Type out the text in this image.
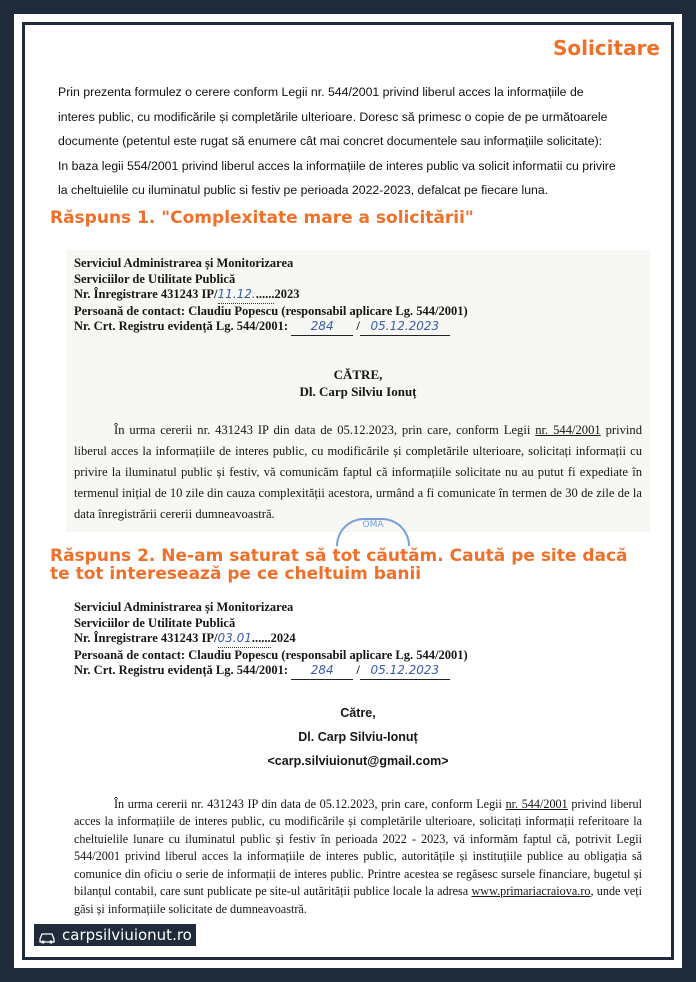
Solicitare

Prin prezenta formulez o cerere conform Legii nr. 544/2001 privind liberul acces la informațiile de

interes public, cu modificările și completările ulterioare. Doresc să primesc o copie de pe următoarele

documente (petentul este rugat să enumere cât mai concret documentele sau informațiile solicitate):

In baza legii 554/2001 privind liberul acces la informațiile de interes public va solicit informatii cu privire

la cheltuielile cu iluminatul public si festiv pe perioada 2022-2023, defalcat pe fiecare luna.

Răspuns 1. "Complexitate mare a solicitării"
Serviciul Administrarea și Monitorizarea
Serviciilor de Utilitate Publică
Nr. Înregistrare 431243 IP/11.12.......2023
Persoană de contact: Claudiu Popescu (responsabil aplicare Lg. 544/2001)
Nr. Crt. Registru evidență Lg. 544/2001: 284 / 05.12.2023
CĂTRE,
Dl. Carp Silviu Ionuț
În urma cererii nr. 431243 IP din data de 05.12.2023, prin care, conform Legii nr. 544/2001 privind liberul acces la informațiile de interes public, cu modificările și completările ulterioare, solicitați informații cu privire la iluminatul public și festiv, vă comunicăm faptul că informațiile solicitate nu au putut fi expediate în termenul inițial de 10 zile din cauza complexității acestora, urmând a fi comunicate în termen de 30 de zile de la data înregistrării cererii dumneavoastră.
OMA
Răspuns 2. Ne-am saturat să tot căutăm. Caută pe site dacă
te tot interesează pe ce cheltuim banii
Serviciul Administrarea și Monitorizarea
Serviciilor de Utilitate Publică
Nr. Înregistrare 431243 IP/03.01......2024
Persoană de contact: Claudiu Popescu (responsabil aplicare Lg. 544/2001)
Nr. Crt. Registru evidență Lg. 544/2001: 284 / 05.12.2023
Către,
Dl. Carp Silviu-Ionuț
<carp.silviuionut@gmail.com>
În urma cererii nr. 431243 IP din data de 05.12.2023, prin care, conform Legii nr. 544/2001 privind liberul acces la informațiile de interes public, cu modificările și completările ulterioare, solicitați informații referitoare la cheltuielile lunare cu iluminatul public și festiv în perioada 2022 - 2023, vă informăm faptul că, potrivit Legii 544/2001 privind liberul acces la informațiile de interes public, autoritățile și instituțiile publice au obligația să comunice din oficiu o serie de informații de interes public. Printre acestea se regăsesc sursele financiare, bugetul și bilanțul contabil, care sunt publicate pe site-ul autărității publice locale la adresa www.primariacraiova.ro, unde veți găsi și informațiile solicitate de dumneavoastră.
carpsilviuionut.ro
